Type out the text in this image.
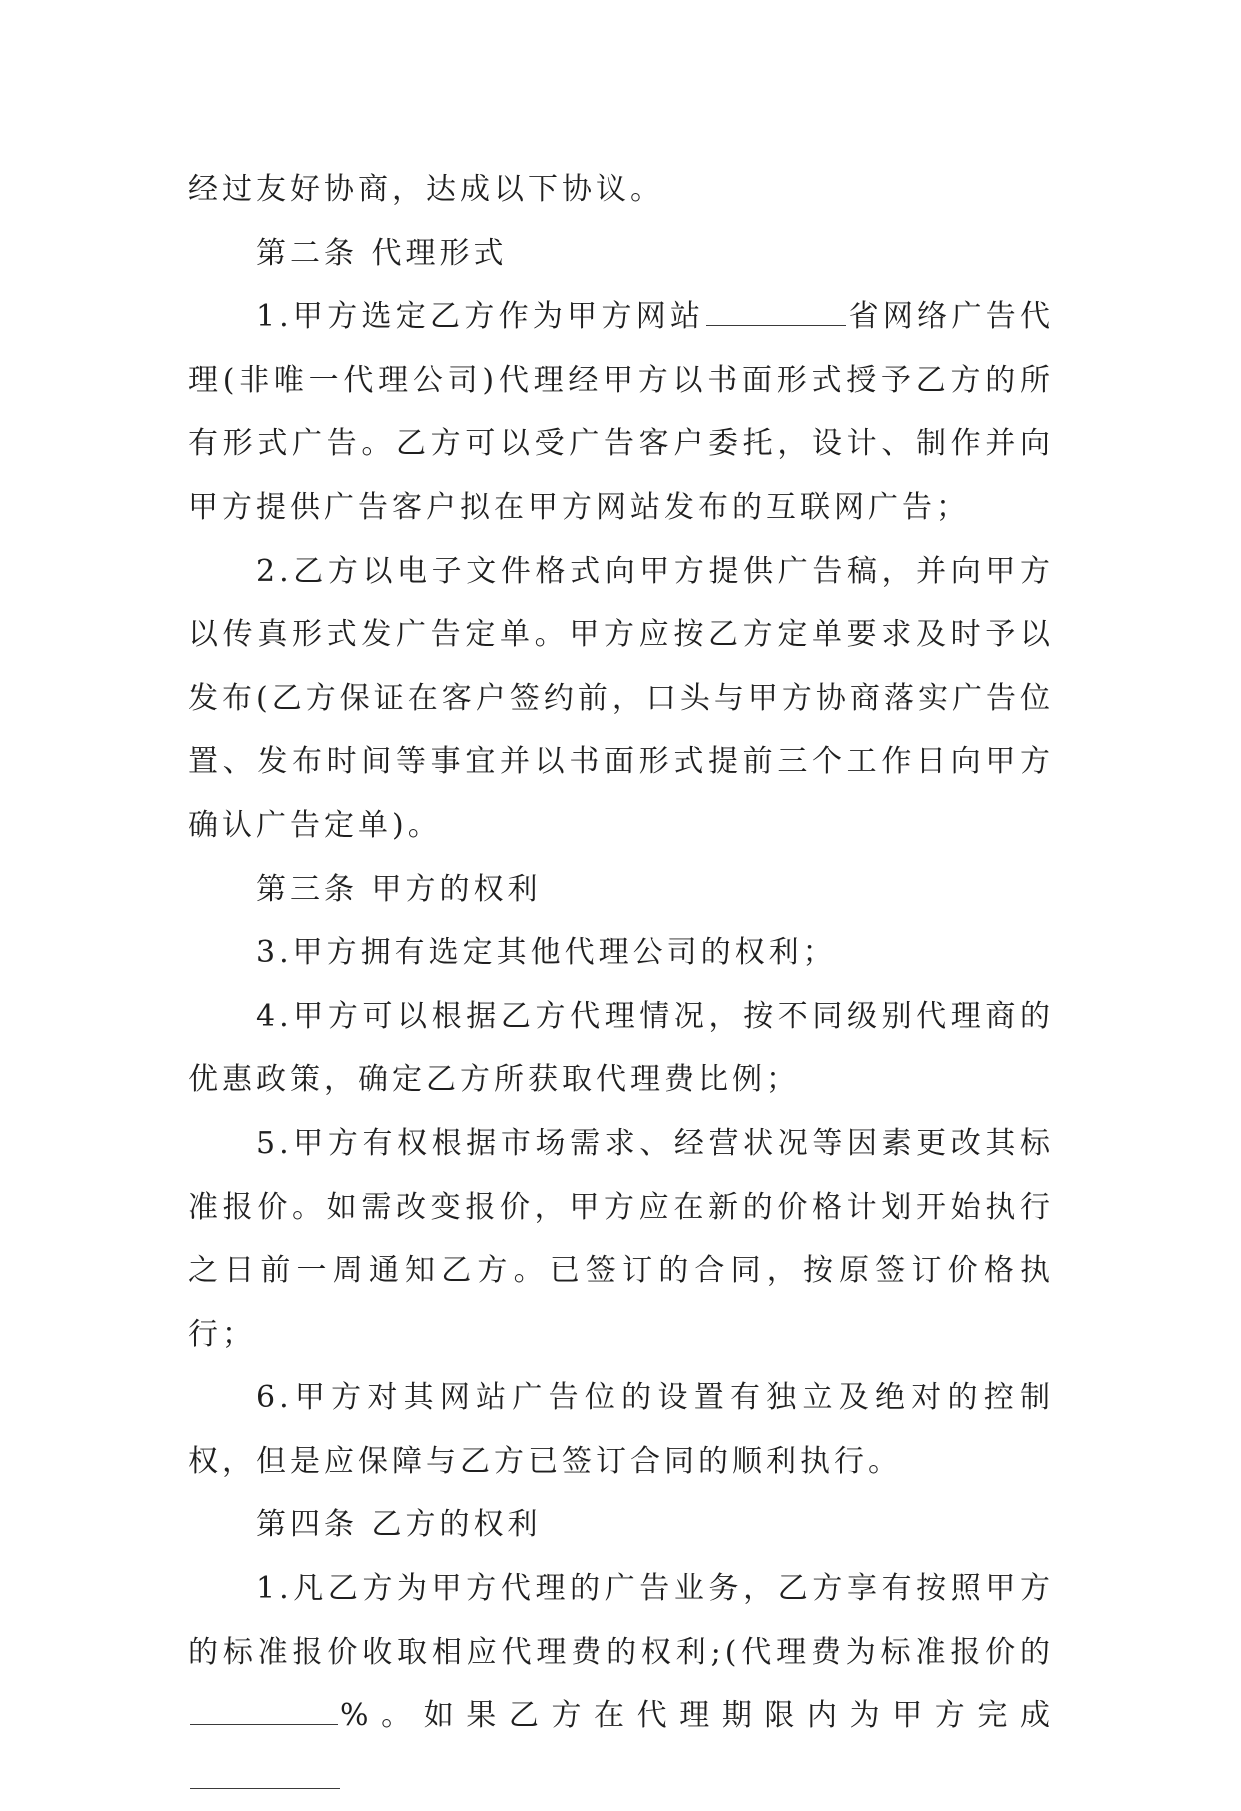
经过友好协商，达成以下协议。

第二条 代理形式

1.甲方选定乙方作为甲方网站	省网络广告代理(非唯一代理公司)代理经甲方以书面形式授予乙方的所有形式广告。乙方可以受广告客户委托，设计、制作并向甲方提供广告客户拟在甲方网站发布的互联网广告；

2.乙方以电子文件格式向甲方提供广告稿，并向甲方以传真形式发广告定单。甲方应按乙方定单要求及时予以发布(乙方保证在客户签约前，口头与甲方协商落实广告位置、发布时间等事宜并以书面形式提前三个工作日向甲方确认广告定单)。

第三条 甲方的权利

3.甲方拥有选定其他代理公司的权利；

4.甲方可以根据乙方代理情况，按不同级别代理商的优惠政策，确定乙方所获取代理费比例；

5.甲方有权根据市场需求、经营状况等因素更改其标准报价。如需改变报价，甲方应在新的价格计划开始执行之日前一周通知乙方。已签订的合同，按原签订价格执行；

6.甲方对其网站广告位的设置有独立及绝对的控制权，但是应保障与乙方已签订合同的顺利执行。

第四条 乙方的权利

1.凡乙方为甲方代理的广告业务，乙方享有按照甲方的标准报价收取相应代理费的权利;(代理费为标准报价的%。如果乙方在代理期限内为甲方完成
